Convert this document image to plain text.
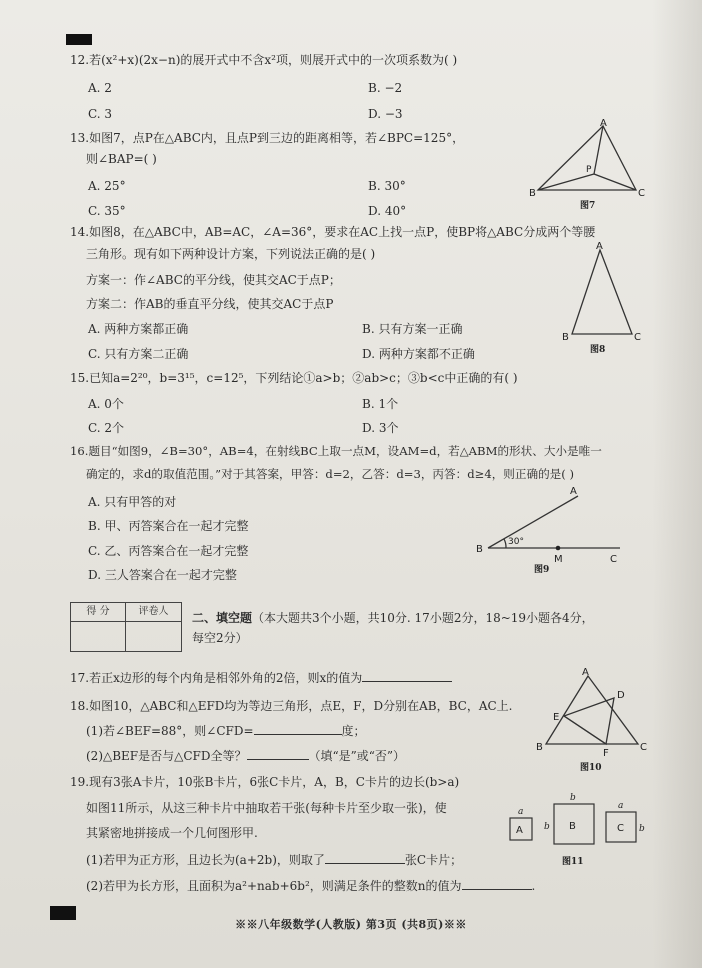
12.若(x²+x)(2x−n)的展开式中不含x²项，则展开式中的一次项系数为( )
A. 2	B. −2
C. 3	D. −3
13.如图7，点P在△ABC内，且点P到三边的距离相等，若∠BPC=125°，
则∠BAP=( )
A. 25°	B. 30°
C. 35°	D. 40°
A
P
B	C
图7
14.如图8，在△ABC中，AB=AC，∠A=36°，要求在AC上找一点P，使BP将△ABC分成两个等腰
三角形。现有如下两种设计方案，下列说法正确的是( )
方案一：作∠ABC的平分线，使其交AC于点P；
方案二：作AB的垂直平分线，使其交AC于点P
A. 两种方案都正确	B. 只有方案一正确
C. 只有方案二正确	D. 两种方案都不正确
A
B	C
图8
15.已知a=2²⁰，b=3¹⁵，c=12⁵，下列结论①a>b；②ab>c；③b<c中正确的有( )
A. 0个	B. 1个
C. 2个	D. 3个
16.题目“如图9，∠B=30°，AB=4，在射线BC上取一点M，设AM=d，若△ABM的形状、大小是唯一
确定的，求d的取值范围。”对于其答案，甲答：d=2，乙答：d=3，丙答：d≥4，则正确的是( )
A. 只有甲答的对
B. 甲、丙答案合在一起才完整
C. 乙、丙答案合在一起才完整
D. 三人答案合在一起才完整
A
B
30°
M	C
图9
得 分	评卷人	二、填空题（本大题共3个小题，共10分. 17小题2分，18~19小题各4分，
每空2分）
17.若正x边形的每个内角是相邻外角的2倍，则x的值为
18.如图10，△ABC和△EFD均为等边三角形，点E，F，D分别在AB，BC，AC上.
(1)若∠BEF=88°，则∠CFD=	度；
(2)△BEF是否与△CFD全等？	（填“是”或“否”）
A
D
E
B
F
C
图10
19.现有3张A卡片，10张B卡片，6张C卡片，A，B，C卡片的边长(b>a)
如图11所示，从这三种卡片中抽取若干张(每种卡片至少取一张)，使
其紧密地拼接成一个几何图形甲.
(1)若甲为正方形，且边长为(a+2b)，则取了	张C卡片；
(2)若甲为长方形，且面积为a²+nab+6b²，则满足条件的整数n的值为	.
a
A
b
b B
a
C b
图11
※※八年级数学(人教版) 第3页 (共8页)※※
